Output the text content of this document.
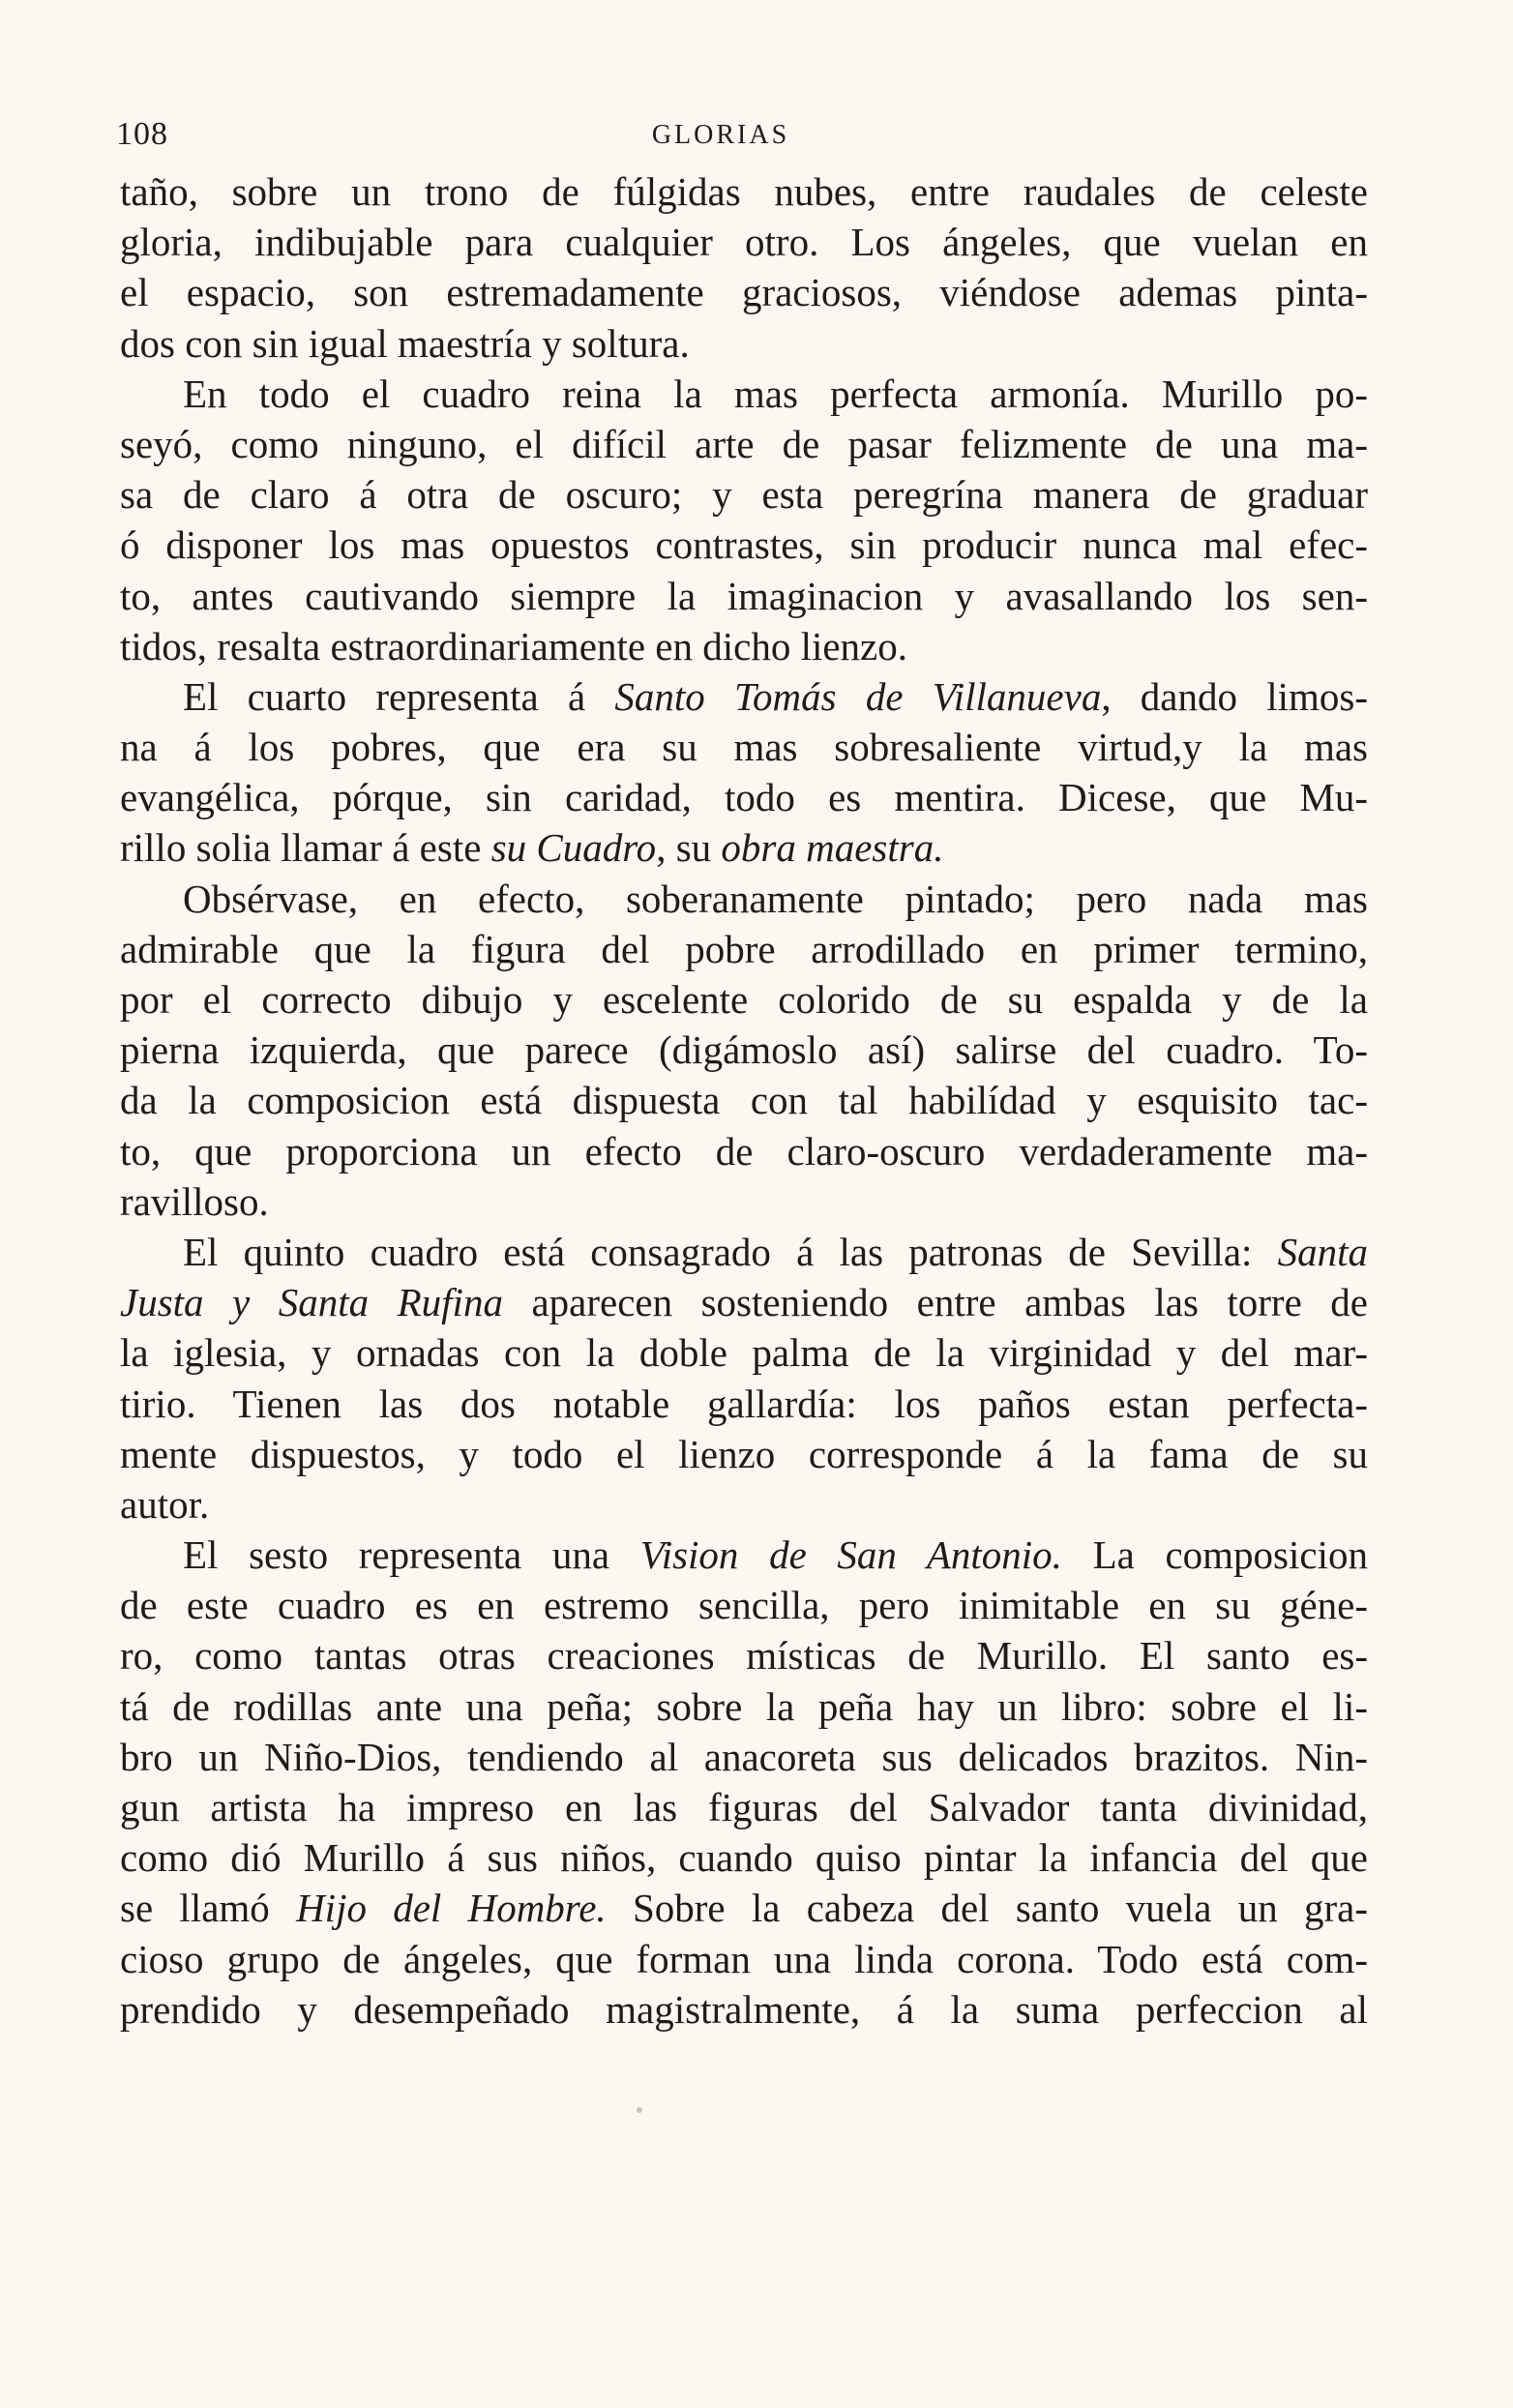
108	GLORIAS
taño, sobre un trono de fúlgidas nubes, entre raudales de celeste
gloria, indibujable para cualquier otro. Los ángeles, que vuelan en
el espacio, son estremadamente graciosos, viéndose ademas pinta-
dos con sin igual maestría y soltura.
En todo el cuadro reina la mas perfecta armonía. Murillo po-
seyó, como ninguno, el difícil arte de pasar felizmente de una ma-
sa de claro á otra de oscuro; y esta peregrína manera de graduar
ó disponer los mas opuestos contrastes, sin producir nunca mal efec-
to, antes cautivando siempre la imaginacion y avasallando los sen-
tidos, resalta estraordinariamente en dicho lienzo.
El cuarto representa á Santo Tomás de Villanueva, dando limos-
na á los pobres, que era su mas sobresaliente virtud,y la mas
evangélica, pórque, sin caridad, todo es mentira. Dicese, que Mu-
rillo solia llamar á este su Cuadro, su obra maestra.
Obsérvase, en efecto, soberanamente pintado; pero nada mas
admirable que la figura del pobre arrodillado en primer termino,
por el correcto dibujo y escelente colorido de su espalda y de la
pierna izquierda, que parece (digámoslo así) salirse del cuadro. To-
da la composicion está dispuesta con tal habilídad y esquisito tac-
to, que proporciona un efecto de claro-oscuro verdaderamente ma-
ravilloso.
El quinto cuadro está consagrado á las patronas de Sevilla: Santa
Justa y Santa Rufina aparecen sosteniendo entre ambas las torre de
la iglesia, y ornadas con la doble palma de la virginidad y del mar-
tirio. Tienen las dos notable gallardía: los paños estan perfecta-
mente dispuestos, y todo el lienzo corresponde á la fama de su
autor.
El sesto representa una Vision de San Antonio. La composicion
de este cuadro es en estremo sencilla, pero inimitable en su géne-
ro, como tantas otras creaciones místicas de Murillo. El santo es-
tá de rodillas ante una peña; sobre la peña hay un libro: sobre el li-
bro un Niño-Dios, tendiendo al anacoreta sus delicados brazitos. Nin-
gun artista ha impreso en las figuras del Salvador tanta divinidad,
como dió Murillo á sus niños, cuando quiso pintar la infancia del que
se llamó Hijo del Hombre. Sobre la cabeza del santo vuela un gra-
cioso grupo de ángeles, que forman una linda corona. Todo está com-
prendido y desempeñado magistralmente, á la suma perfeccion al
